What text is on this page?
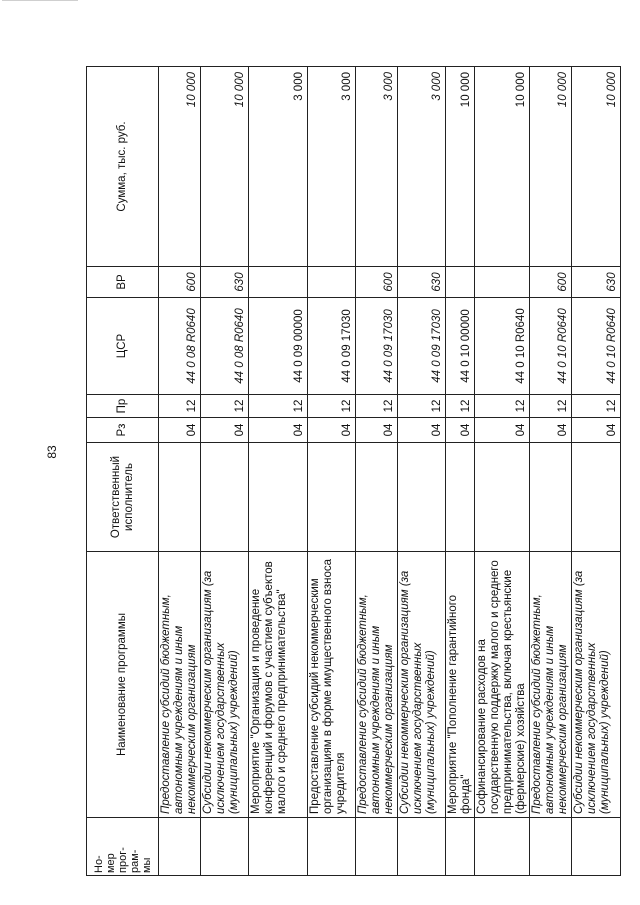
83
Но-
мер
прог-
рам-
мы	Наименование программы	Ответственный исполнитель	Рз	Пр	ЦСР	ВР	Сумма, тыс. руб.
	Предоставление субсидий бюджетным, автономным учреждениям и иным некоммерческим организациям		04	12	44 0 08 R0640	600	10 000
	Субсидии некоммерческим организациям (за исключением государственных (муниципальных) учреждений)		04	12	44 0 08 R0640	630	10 000
	Мероприятие "Организация и проведение конференций и форумов с участием субъектов малого и среднего предпринимательства"		04	12	44 0 09 00000		3 000
	Предоставление субсидий некоммерческим организациям в форме имущественного взноса учредителя		04	12	44 0 09 17030		3 000
	Предоставление субсидий бюджетным, автономным учреждениям и иным некоммерческим организациям		04	12	44 0 09 17030	600	3 000
	Субсидии некоммерческим организациям (за исключением государственных (муниципальных) учреждений)		04	12	44 0 09 17030	630	3 000
	Мероприятие "Пополнение гарантийного фонда"		04	12	44 0 10 00000		10 000
	Софинансирование расходов на государственную поддержку малого и среднего предпринимательства, включая крестьянские (фермерские) хозяйства		04	12	44 0 10 R0640		10 000
	Предоставление субсидий бюджетным, автономным учреждениям и иным некоммерческим организациям		04	12	44 0 10 R0640	600	10 000
	Субсидии некоммерческим организациям (за исключением государственных (муниципальных) учреждений)		04	12	44 0 10 R0640	630	10 000
